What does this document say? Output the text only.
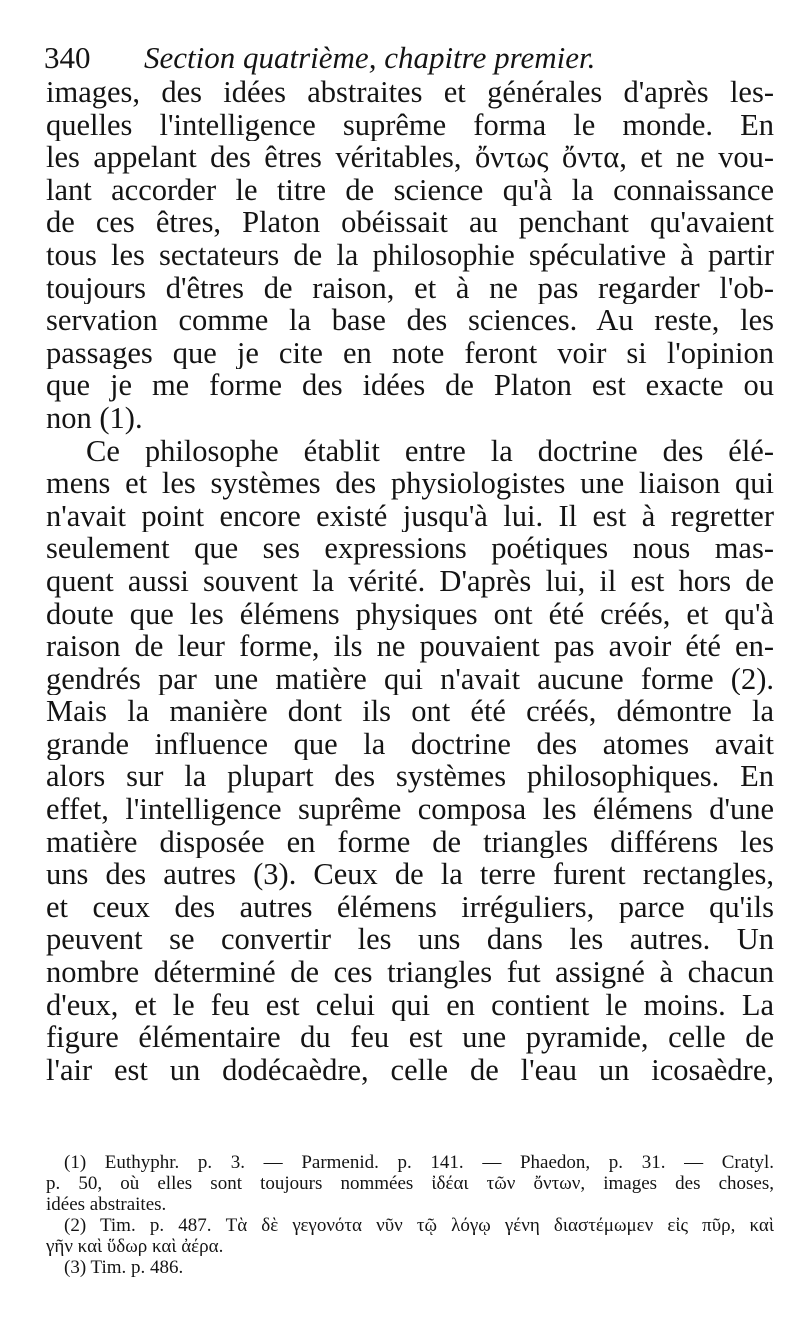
340 Section quatrième, chapitre premier.
images, des idées abstraites et générales d'après les-
quelles l'intelligence suprême forma le monde. En
les appelant des êtres véritables, ὄντως ὄντα, et ne vou-
lant accorder le titre de science qu'à la connaissance
de ces êtres, Platon obéissait au penchant qu'avaient
tous les sectateurs de la philosophie spéculative à partir
toujours d'êtres de raison, et à ne pas regarder l'ob-
servation comme la base des sciences. Au reste, les
passages que je cite en note feront voir si l'opinion
que je me forme des idées de Platon est exacte ou
non (1).
Ce philosophe établit entre la doctrine des élé-
mens et les systèmes des physiologistes une liaison qui
n'avait point encore existé jusqu'à lui. Il est à regretter
seulement que ses expressions poétiques nous mas-
quent aussi souvent la vérité. D'après lui, il est hors de
doute que les élémens physiques ont été créés, et qu'à
raison de leur forme, ils ne pouvaient pas avoir été en-
gendrés par une matière qui n'avait aucune forme (2).
Mais la manière dont ils ont été créés, démontre la
grande influence que la doctrine des atomes avait
alors sur la plupart des systèmes philosophiques. En
effet, l'intelligence suprême composa les élémens d'une
matière disposée en forme de triangles différens les
uns des autres (3). Ceux de la terre furent rectangles,
et ceux des autres élémens irréguliers, parce qu'ils
peuvent se convertir les uns dans les autres. Un
nombre déterminé de ces triangles fut assigné à chacun
d'eux, et le feu est celui qui en contient le moins. La
figure élémentaire du feu est une pyramide, celle de
l'air est un dodécaèdre, celle de l'eau un icosaèdre,
(1) Euthyphr. p. 3. — Parmenid. p. 141. — Phaedon, p. 31. — Cratyl.
p. 50, où elles sont toujours nommées ἰδέαι τῶν ὄντων, images des choses,
idées abstraites.
(2) Tim. p. 487. Τὰ δὲ γεγονότα νῦν τῷ λόγῳ γένη διαστέμωμεν εἰς πῦρ, καὶ
γῆν καὶ ὕδωρ καὶ ἀέρα.
(3) Tim. p. 486.
